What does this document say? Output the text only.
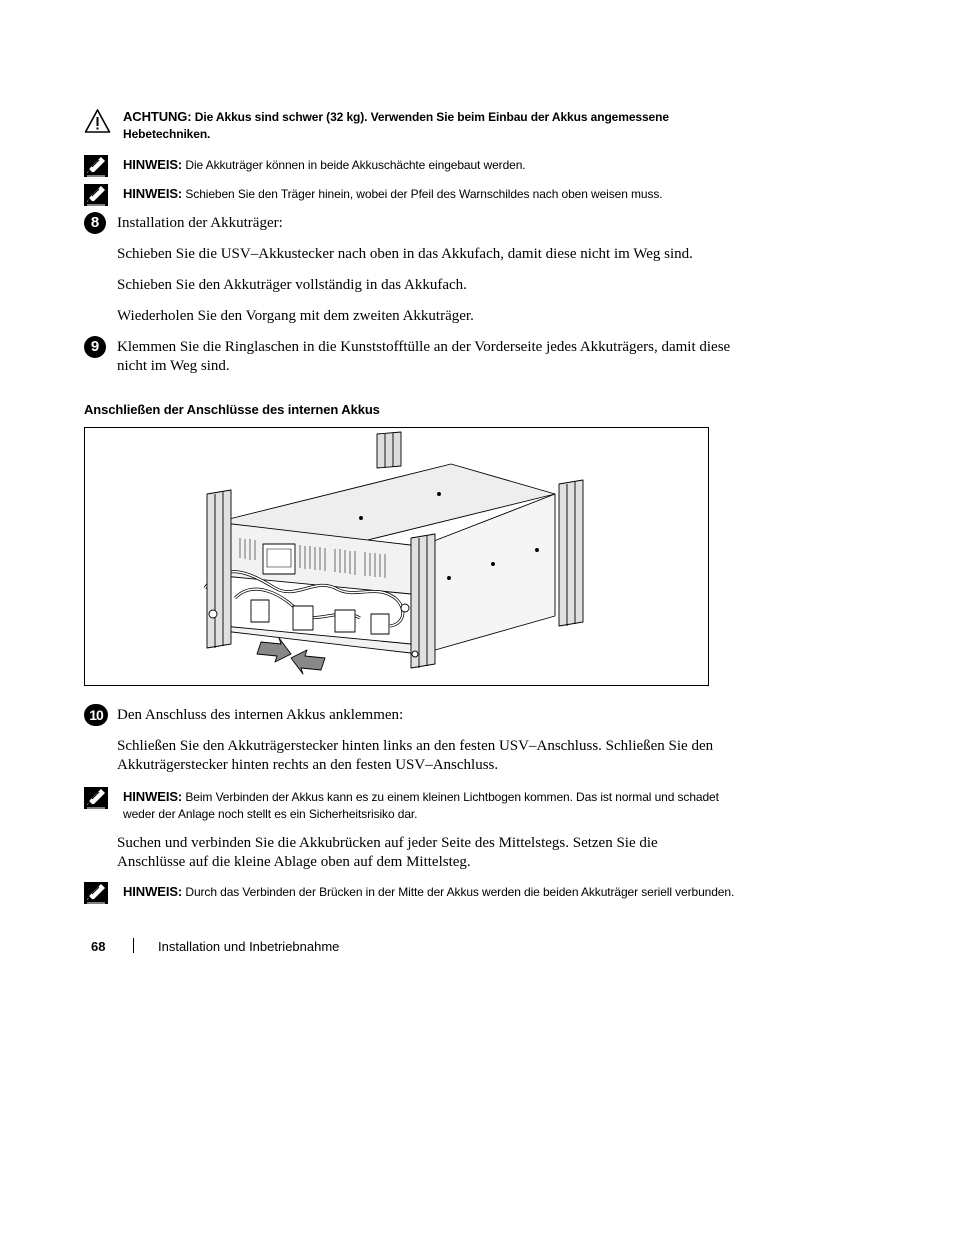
ACHTUNG: Die Akkus sind schwer (32 kg). Verwenden Sie beim Einbau der Akkus angemessene Hebetechniken.
HINWEIS: Die Akkuträger können in beide Akkuschächte eingebaut werden.
HINWEIS: Schieben Sie den Träger hinein, wobei der Pfeil des Warnschildes nach oben weisen muss.
8	Installation der Akkuträger:
Schieben Sie die USV–Akkustecker nach oben in das Akkufach, damit diese nicht im Weg sind.
Schieben Sie den Akkuträger vollständig in das Akkufach.
Wiederholen Sie den Vorgang mit dem zweiten Akkuträger.
9	Klemmen Sie die Ringlaschen in die Kunststofftülle an der Vorderseite jedes Akkuträgers, damit diese nicht im Weg sind.
Anschließen der Anschlüsse des internen Akkus
10 Den Anschluss des internen Akkus anklemmen:
Schließen Sie den Akkuträgerstecker hinten links an den festen USV–Anschluss. Schließen Sie den Akkuträgerstecker hinten rechts an den festen USV–Anschluss.
HINWEIS: Beim Verbinden der Akkus kann es zu einem kleinen Lichtbogen kommen. Das ist normal und schadet weder der Anlage noch stellt es ein Sicherheitsrisiko dar.
Suchen und verbinden Sie die Akkubrücken auf jeder Seite des Mittelstegs. Setzen Sie die Anschlüsse auf die kleine Ablage oben auf dem Mittelsteg.
HINWEIS: Durch das Verbinden der Brücken in der Mitte der Akkus werden die beiden Akkuträger seriell verbunden.
68	Installation und Inbetriebnahme
